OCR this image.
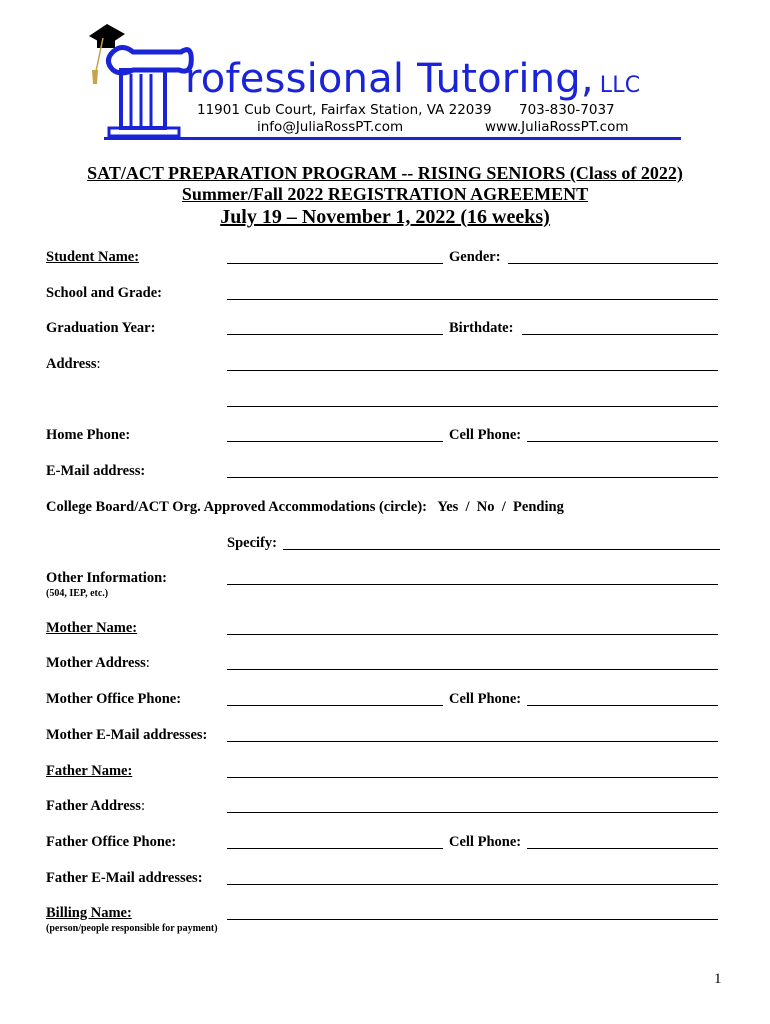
rofessional Tutoring, LLC
11901 Cub Court, Fairfax Station, VA 22039 703-830-7037
info@JuliaRossPT.com	www.JuliaRossPT.com
SAT/ACT PREPARATION PROGRAM -- RISING SENIORS (Class of 2022)
Summer/Fall 2022 REGISTRATION AGREEMENT
July 19 – November 1, 2022 (16 weeks)
Student Name:	Gender:
School and Grade:
Graduation Year:	Birthdate:
Address:
Home Phone:	Cell Phone:
E-Mail address:
College Board/ACT Org. Approved Accommodations (circle):   Yes  /  No  /  Pending
Specify:
Other Information:
(504, IEP, etc.)
Mother Name:
Mother Address:
Mother Office Phone:	Cell Phone:
Mother E-Mail addresses:
Father Name:
Father Address:
Father Office Phone:	Cell Phone:
Father E-Mail addresses:
Billing Name:
(person/people responsible for payment)
1
